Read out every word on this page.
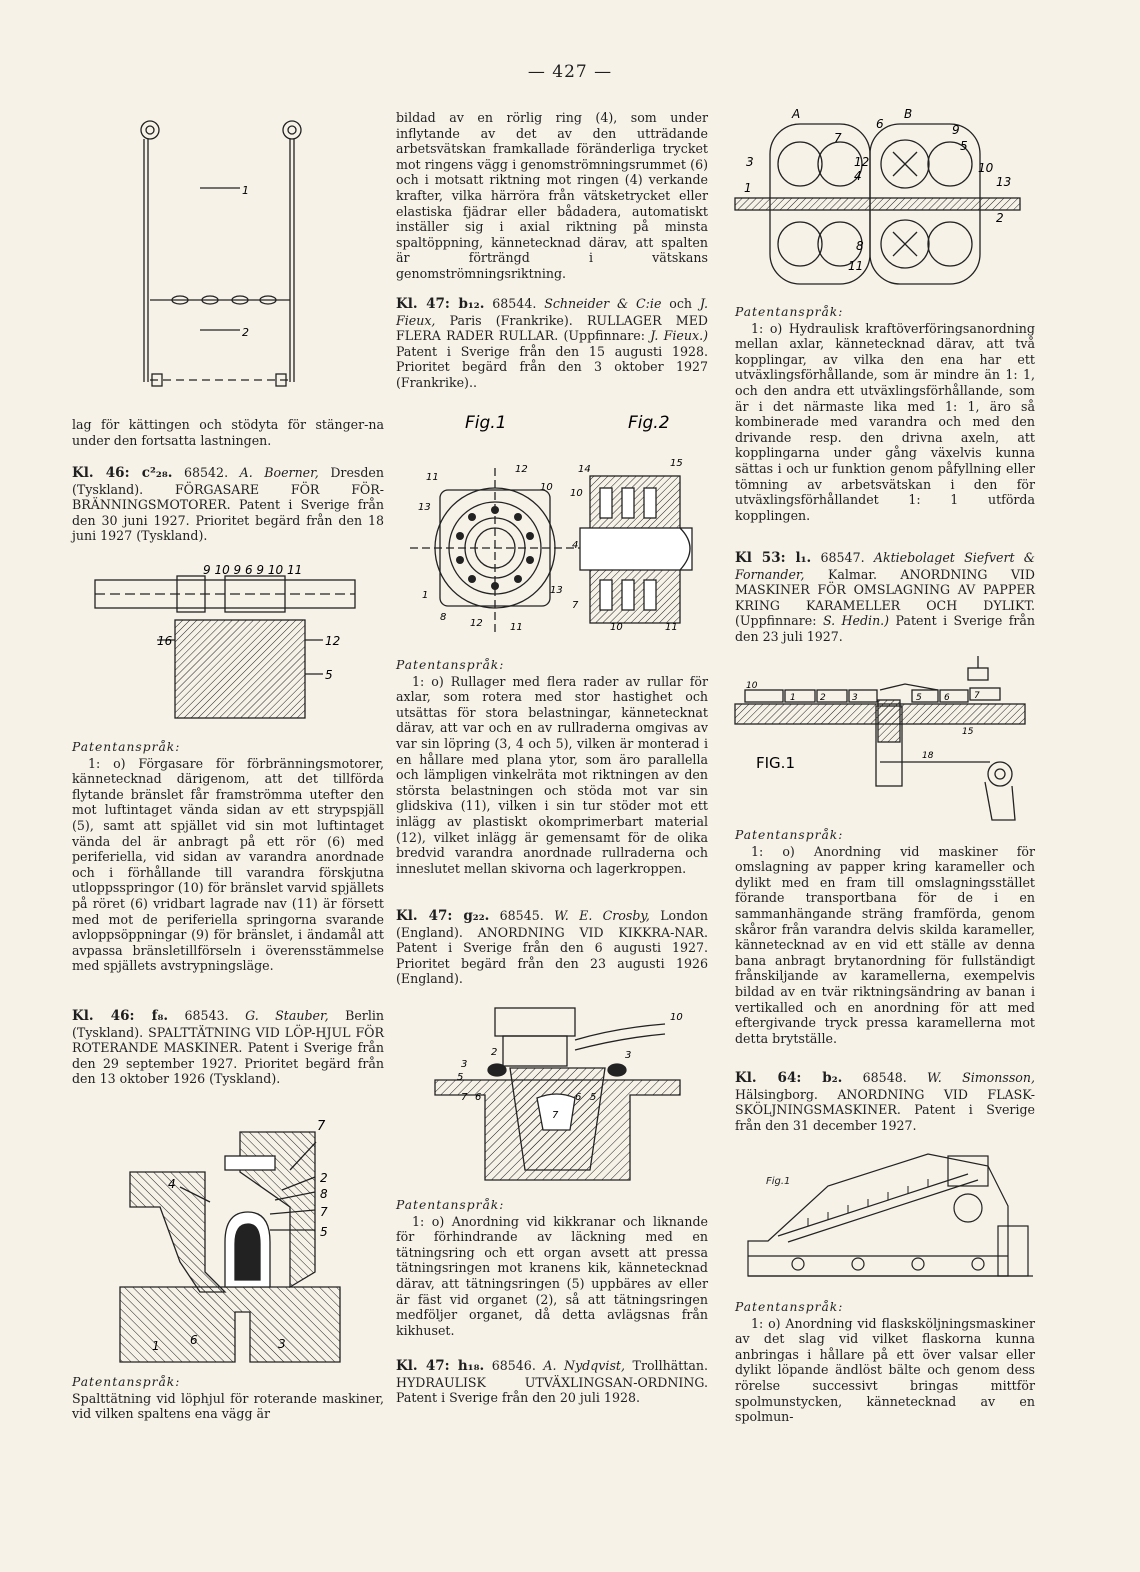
— 427 —
1
2

lag för kättingen och stödyta för stänger-na under den fortsatta lastningen.

Kl. 46: c²₂₈. 68542. A. Boerner, Dresden (Tyskland). FÖRGASARE FÖR FÖR-BRÄNNINGSMOTORER. Patent i Sverige från den 30 juni 1927. Prioritet begärd från den 18 juni 1927 (Tyskland).

9 10 9 6 9 10 11
16	12
5

Patentanspråk:

1: o) Förgasare för förbränningsmotorer, kännetecknad därigenom, att det tillförda flytande bränslet får framströmma utefter den mot luftintaget vända sidan av ett strypspjäll (5), samt att spjället vid sin mot luftintaget vända del är anbragt på ett rör (6) med periferiella, vid sidan av varandra anordnade och i förhållande till varandra förskjutna utloppsspringor (10) för bränslet varvid spjällets på röret (6) vridbart lagrade nav (11) är försett med mot de periferiella springorna svarande avloppsöppningar (9) för bränslet, i ändamål att avpassa bränsletillförseln i överensstämmelse med spjällets avstrypningsläge.

Kl. 46: f₈. 68543. G. Stauber, Berlin (Tyskland). SPALTTÄTNING VID LÖP-HJUL FÖR ROTERANDE MASKINER. Patent i Sverige från den 29 september 1927. Prioritet begärd från den 13 oktober 1926 (Tyskland).

7
2
8
7
5
4
6
1	3

Patentanspråk:

Spalttätning vid löphjul för roterande maskiner, vid vilken spaltens ena vägg är

bildad av en rörlig ring (4), som under inflytande av det av den utträdande arbetsvätskan framkallade föränderliga trycket mot ringens vägg i genomströmningsrummet (6) och i motsatt riktning mot ringen (4) verkande krafter, vilka härröra från vätsketrycket eller elastiska fjädrar eller bådadera, automatiskt inställer sig i axial riktning på minsta spaltöppning, kännetecknad därav, att spalten är förträngd i vätskans genomströmningsriktning.

Kl. 47: b₁₂. 68544. Schneider & C:ie och J. Fieux, Paris (Frankrike). RULLAGER MED FLERA RADER RULLAR. (Uppfinnare: J. Fieux.) Patent i Sverige från den 15 augusti 1928. Prioritet begärd från den 3 oktober 1927 (Frankrike)..

Fig.1	Fig.2
11
12
10
13
1
8
12	11
13
14
15
10
4
7
10	11

Patentanspråk:

1: o) Rullager med flera rader av rullar för axlar, som rotera med stor hastighet och utsättas för stora belastningar, kännetecknat därav, att var och en av rullraderna omgivas av var sin löpring (3, 4 och 5), vilken är monterad i en hållare med plana ytor, som äro parallella och lämpligen vinkelräta mot riktningen av den största belastningen och stöda mot var sin glidskiva (11), vilken i sin tur stöder mot ett inlägg av plastiskt okomprimerbart material (12), vilket inlägg är gemensamt för de olika bredvid varandra anordnade rullraderna och inneslutet mellan skivorna och lagerkroppen.

Kl. 47: g₂₂. 68545. W. E. Crosby, London (England). ANORDNING VID KIKKRA-NAR. Patent i Sverige från den 6 augusti 1927. Prioritet begärd från den 23 augusti 1926 (England).

10
2
3
5
3
7 6	5
6
7

Patentanspråk:

1: o) Anordning vid kikkranar och liknande för förhindrande av läckning med en tätningsring och ett organ avsett att pressa tätningsringen mot kranens kik, kännetecknad därav, att tätningsringen (5) uppbäres av eller är fäst vid organet (2), så att tätningsringen medföljer organet, då detta avlägsnas från kikhuset.

Kl. 47: h₁₈. 68546. A. Nydqvist, Trollhättan. HYDRAULISK UTVÄXLINGSAN-ORDNING. Patent i Sverige från den 20 juli 1928.

A
6
B
9
5
10
13
2
3
1
7
12
4
8
11

Patentanspråk:

1: o) Hydraulisk kraftöverföringsanordning mellan axlar, kännetecknad därav, att två kopplingar, av vilka den ena har ett utväxlingsförhållande, som är mindre än 1: 1, och den andra ett utväxlingsförhållande, som är i det närmaste lika med 1: 1, äro så kombinerade med varandra och med den drivande resp. den drivna axeln, att kopplingarna under gång växelvis kunna sättas i och ur funktion genom påfyllning eller tömning av arbetsvätskan i den för utväxlingsförhållandet 1: 1 utförda kopplingen.

Kl 53: l₁. 68547. Aktiebolaget Siefvert & Fornander, Kalmar. ANORDNING VID MASKINER FÖR OMSLAGNING AV PAPPER KRING KARAMELLER OCH DYLIKT. (Uppfinnare: S. Hedin.) Patent i Sverige från den 23 juli 1927.

FIG.1
10
1	2	3	5 6	7
15
18

Patentanspråk:

1: o) Anordning vid maskiner för omslagning av papper kring karameller och dylikt med en fram till omslagningsstället förande transportbana för de i en sammanhängande sträng framförda, genom skåror från varandra delvis skilda karameller, kännetecknad av en vid ett ställe av denna bana anbragt brytanordning för fullständigt frånskiljande av karamellerna, exempelvis bildad av en tvär riktningsändring av banan i vertikalled och en anordning för att med eftergivande tryck pressa karamellerna mot detta brytställe.

Kl. 64: b₂. 68548. W. Simonsson, Hälsingborg. ANORDNING VID FLASK-SKÖLJNINGSMASKINER. Patent i Sverige från den 31 december 1927.

Fig.1

Patentanspråk:

1: o) Anordning vid flasksköljningsmaskiner av det slag vid vilket flaskorna kunna anbringas i hållare på ett över valsar eller dylikt löpande ändlöst bälte och genom dess rörelse successivt bringas mittför spolmunstycken, kännetecknad av en spolmun-
